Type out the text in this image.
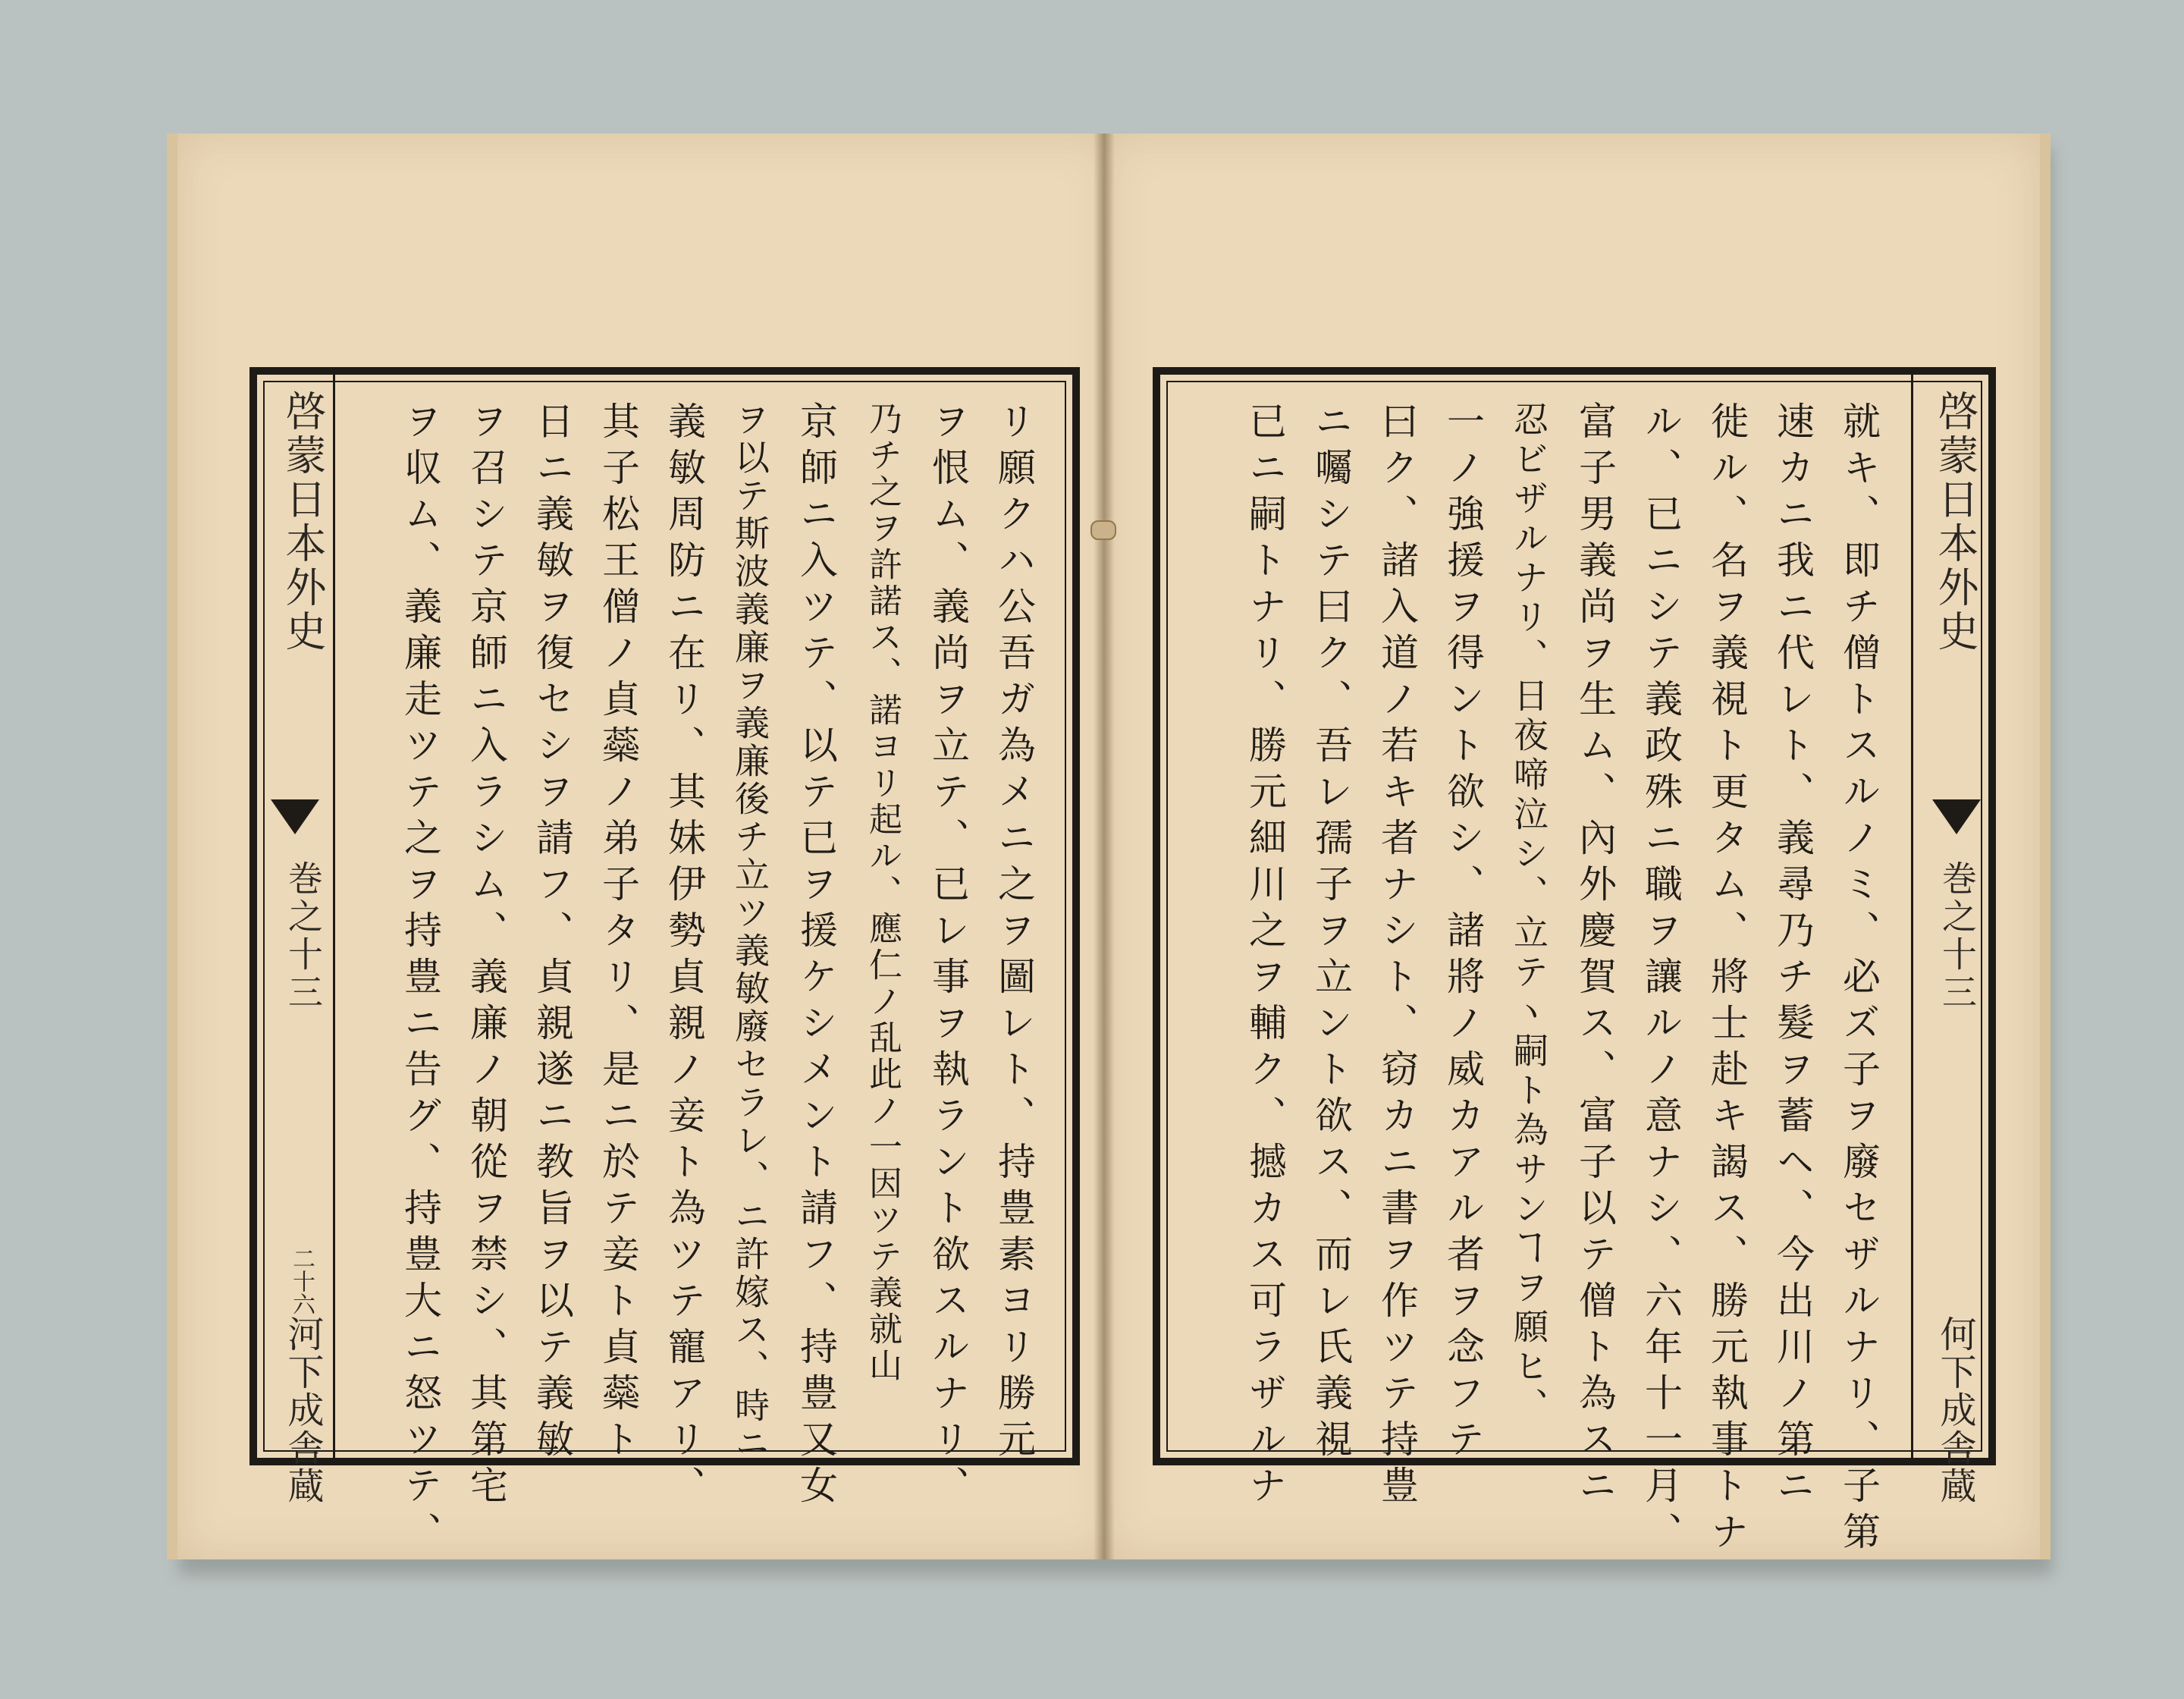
啓蒙日本外史
巻之十三
二十六
河下成舎蔵	リ願クハ公吾ガ為メニ之ヲ圖レト、持豊素ヨリ勝元
ヲ恨ム、義尚ヲ立テ、已レ事ヲ執ラント欲スルナリ、
乃チ之ヲ許諾ス、諾ヨリ起ル、應仁ノ乱此ノ一因ツテ義就山
京師ニ入ツテ、以テ已ヲ援ケシメント請フ、持豊又女
ヲ以テ斯波義廉ヲ義廉後チ立ツ義敏廢セラレ、ニ許嫁ス、時ニ
義敏周防ニ在リ、其妹伊勢貞親ノ妾ト為ツテ寵アリ、
其子松王僧ノ貞蘂ノ弟子タリ、是ニ於テ妾ト貞蘂ト
日ニ義敏ヲ復セシヲ請フ、貞親遂ニ教旨ヲ以テ義敏
ヲ召シテ京師ニ入ラシム、義廉ノ朝從ヲ禁シ、其第宅
ヲ収ム、義廉走ツテ之ヲ持豊ニ告グ、持豊大ニ怒ツテ、	啓蒙日本外史
巻之十三
何下成舎蔵
就キ、即チ僧トスルノミ、必ズ子ヲ廢セザルナリ、子第
速カニ我ニ代レト、義尋乃チ髮ヲ蓄ヘ、今出川ノ第ニ
徙ル、名ヲ義視ト更タム、將士赴キ謁ス、勝元執事トナ
ル、已ニシテ義政殊ニ職ヲ讓ルノ意ナシ、六年十一月、
富子男義尚ヲ生ム、內外慶賀ス、富子以テ僧ト為スニ
忍ビザルナリ、日夜啼泣シ、立テヽ嗣ト為サンヿヲ願ヒ、
一ノ強援ヲ得ント欲シ、諸將ノ威カアル者ヲ念フテ
曰ク、諸入道ノ若キ者ナシト、窃カニ書ヲ作ツテ持豊
ニ囑シテ曰ク、吾レ孺子ヲ立ント欲ス、而レ氏義視
已ニ嗣トナリ、勝元細川之ヲ輔ク、撼カス可ラザルナ
